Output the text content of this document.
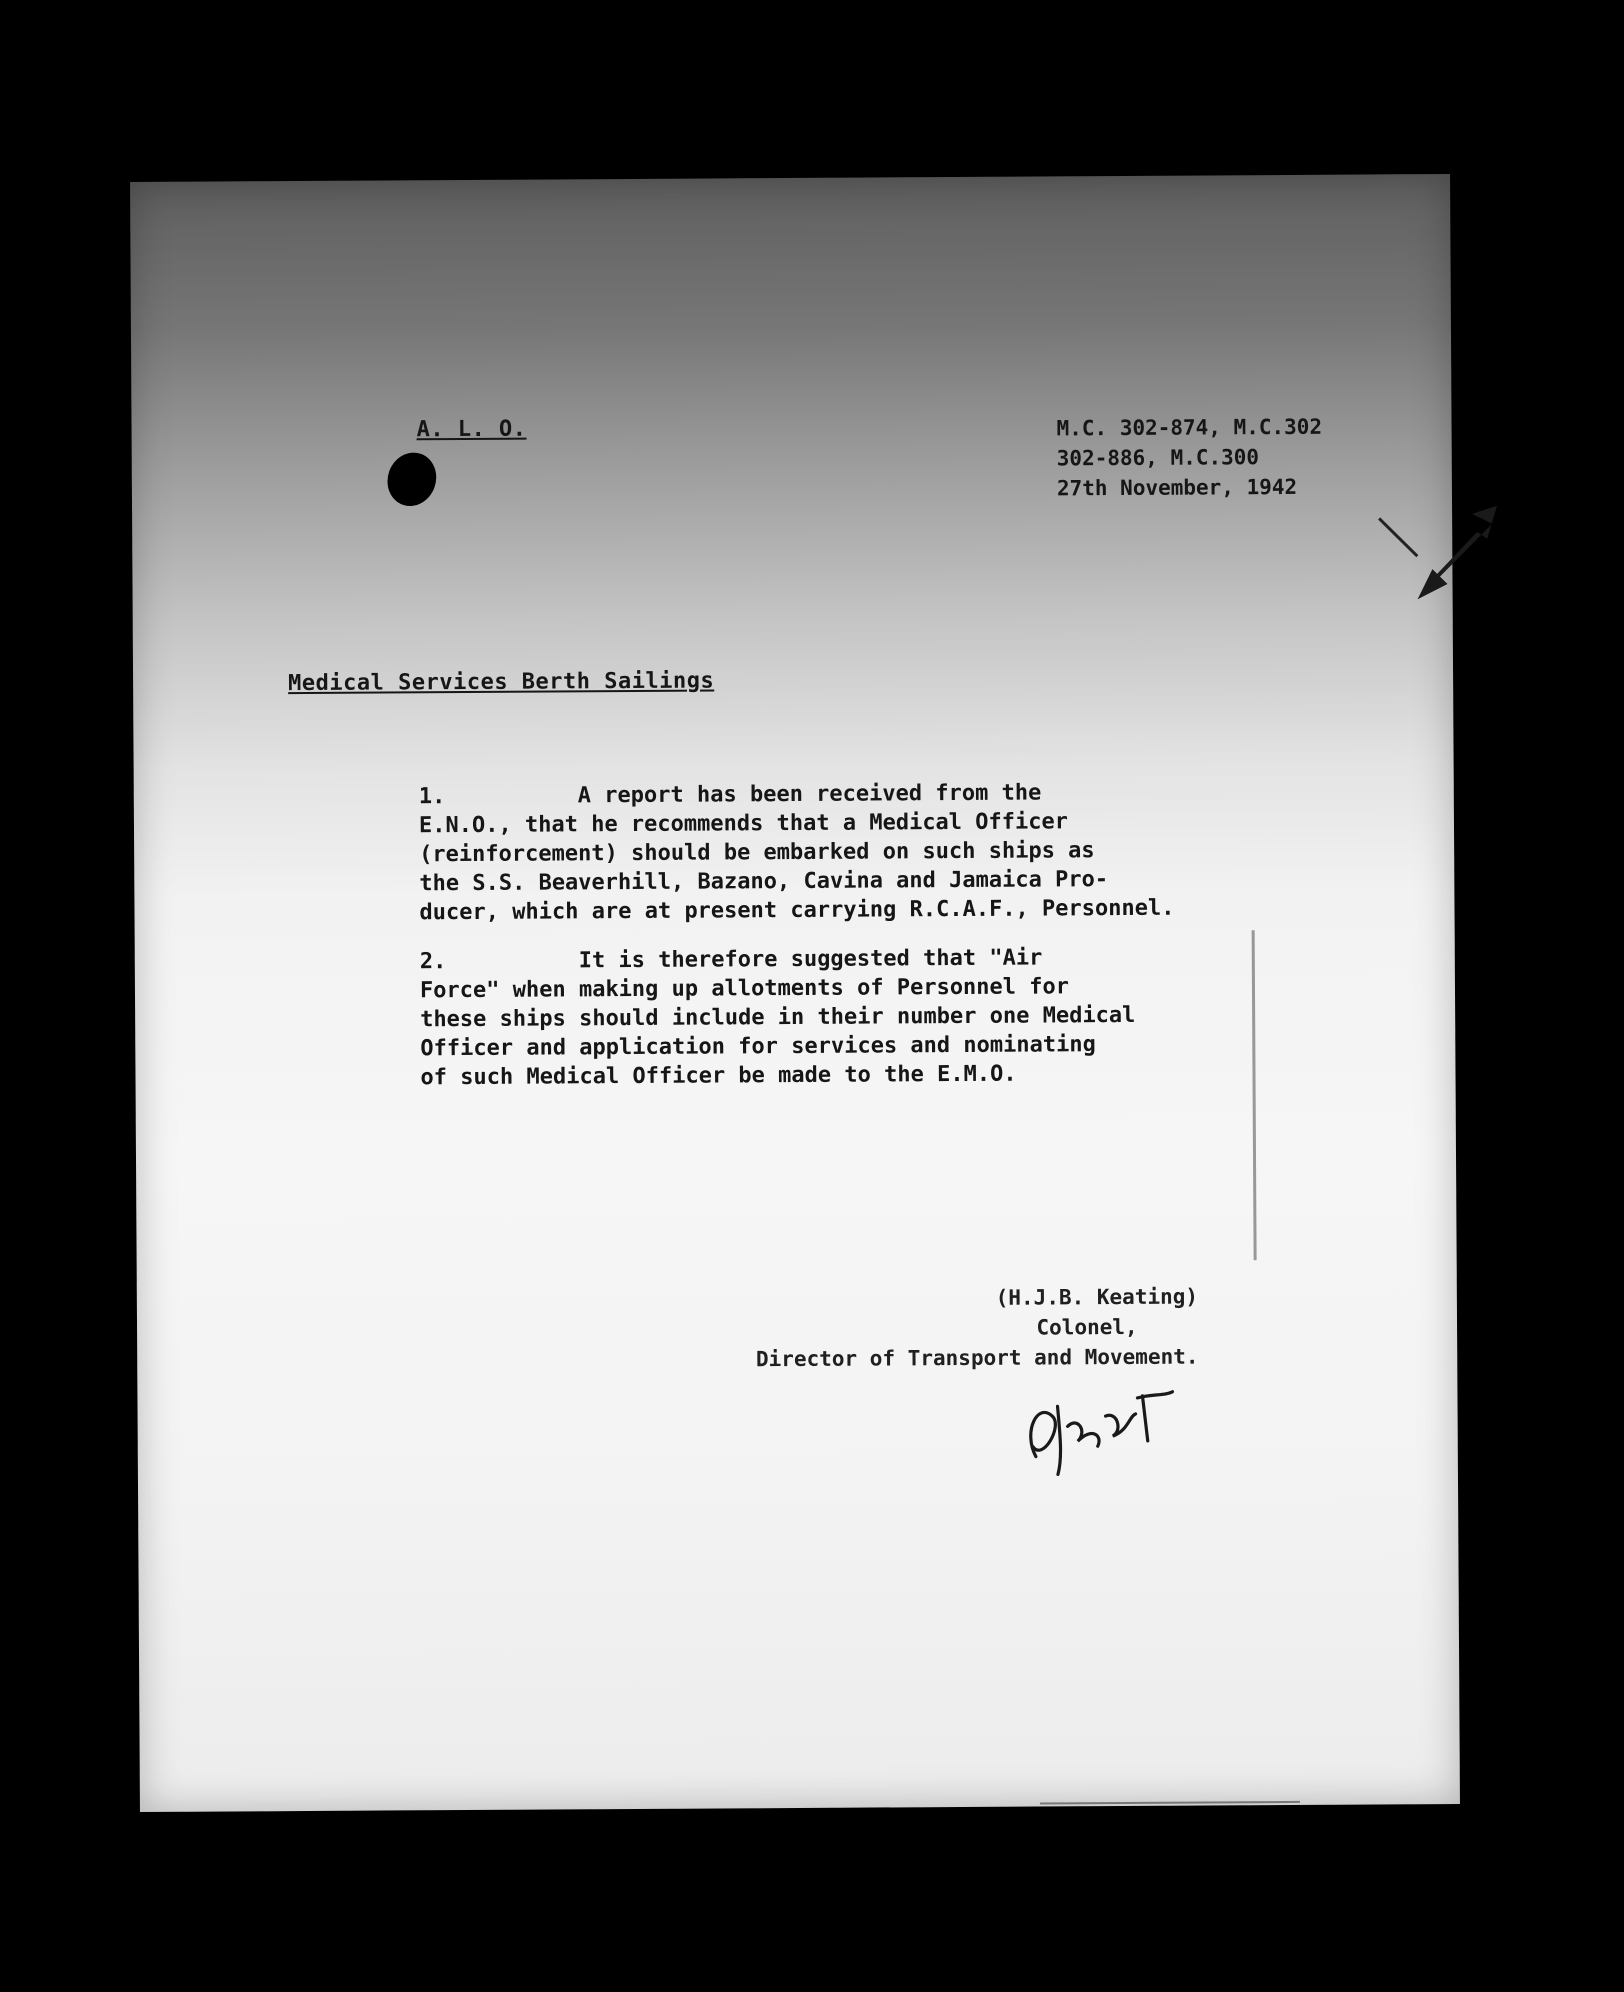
A. L. O.	M.C. 302-874, M.C.302
302-886, M.C.300
27th November, 1942
Medical Services Berth Sailings
1.          A report has been received from the
E.N.O., that he recommends that a Medical Officer
(reinforcement) should be embarked on such ships as
the S.S. Beaverhill, Bazano, Cavina and Jamaica Pro-
ducer, which are at present carrying R.C.A.F., Personnel.
2.          It is therefore suggested that "Air
Force" when making up allotments of Personnel for
these ships should include in their number one Medical
Officer and application for services and nominating
of such Medical Officer be made to the E.M.O.
(H.J.B. Keating)
Colonel,
Director of Transport and Movement.
